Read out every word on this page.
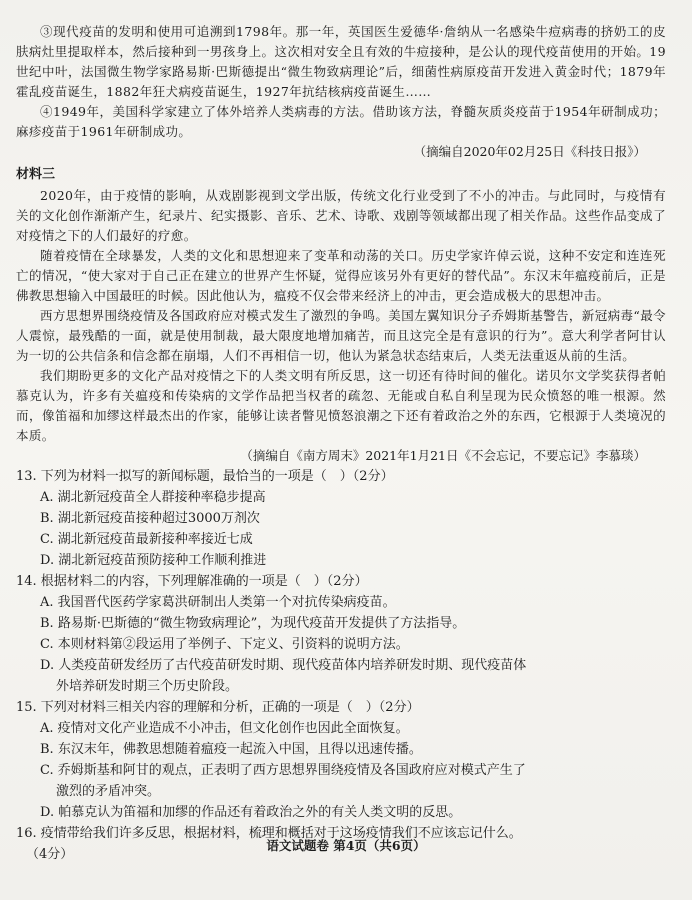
③现代疫苗的发明和使用可追溯到1798年。那一年，英国医生爱德华·詹纳从一名感染牛痘病毒的挤奶工的皮肤病灶里提取样本，然后接种到一男孩身上。这次相对安全且有效的牛痘接种，是公认的现代疫苗使用的开始。19世纪中叶，法国微生物学家路易斯·巴斯德提出“微生物致病理论”后，细菌性病原疫苗开发进入黄金时代；1879年霍乱疫苗诞生，1882年狂犬病疫苗诞生，1927年抗结核病疫苗诞生……

④1949年，美国科学家建立了体外培养人类病毒的方法。借助该方法，脊髓灰质炎疫苗于1954年研制成功；麻疹疫苗于1961年研制成功。

（摘编自2020年02月25日《科技日报》）

材料三

2020年，由于疫情的影响，从戏剧影视到文学出版，传统文化行业受到了不小的冲击。与此同时，与疫情有关的文化创作渐渐产生，纪录片、纪实摄影、音乐、艺术、诗歌、戏剧等领域都出现了相关作品。这些作品变成了对疫情之下的人们最好的疗愈。

随着疫情在全球暴发，人类的文化和思想迎来了变革和动荡的关口。历史学家许倬云说，这种不安定和连连死亡的情况，“使大家对于自己正在建立的世界产生怀疑，觉得应该另外有更好的替代品”。东汉末年瘟疫前后，正是佛教思想输入中国最旺的时候。因此他认为，瘟疫不仅会带来经济上的冲击，更会造成极大的思想冲击。

西方思想界围绕疫情及各国政府应对模式发生了激烈的争鸣。美国左翼知识分子乔姆斯基警告，新冠病毒“最令人震惊，最残酷的一面，就是使用制裁，最大限度地增加痛苦，而且这完全是有意识的行为”。意大利学者阿甘认为一切的公共信条和信念都在崩塌，人们不再相信一切，他认为紧急状态结束后，人类无法重返从前的生活。

我们期盼更多的文化产品对疫情之下的人类文明有所反思，这一切还有待时间的催化。诺贝尔文学奖获得者帕慕克认为，许多有关瘟疫和传染病的文学作品把当权者的疏忽、无能或自私自利呈现为民众愤怒的唯一根源。然而，像笛福和加缪这样最杰出的作家，能够让读者瞥见愤怒浪潮之下还有着政治之外的东西，它根源于人类境况的本质。

（摘编自《南方周末》2021年1月21日《不会忘记，不要忘记》李慕琰）

13. 下列为材料一拟写的新闻标题，最恰当的一项是（　）（2分）

A. 湖北新冠疫苗全人群接种率稳步提高

B. 湖北新冠疫苗接种超过3000万剂次

C. 湖北新冠疫苗最新接种率接近七成

D. 湖北新冠疫苗预防接种工作顺利推进

14. 根据材料二的内容，下列理解准确的一项是（　）（2分）

A. 我国晋代医药学家葛洪研制出人类第一个对抗传染病疫苗。

B. 路易斯·巴斯德的“微生物致病理论”，为现代疫苗开发提供了方法指导。

C. 本则材料第②段运用了举例子、下定义、引资料的说明方法。

D. 人类疫苗研发经历了古代疫苗研发时期、现代疫苗体内培养研发时期、现代疫苗体

外培养研发时期三个历史阶段。

15. 下列对材料三相关内容的理解和分析，正确的一项是（　）（2分）

A. 疫情对文化产业造成不小冲击，但文化创作也因此全面恢复。

B. 东汉末年，佛教思想随着瘟疫一起流入中国，且得以迅速传播。

C. 乔姆斯基和阿甘的观点，正表明了西方思想界围绕疫情及各国政府应对模式产生了

激烈的矛盾冲突。

D. 帕慕克认为笛福和加缪的作品还有着政治之外的有关人类文明的反思。

16. 疫情带给我们许多反思，根据材料，梳理和概括对于这场疫情我们不应该忘记什么。

（4分）

语文试题卷 第4页（共6页）
